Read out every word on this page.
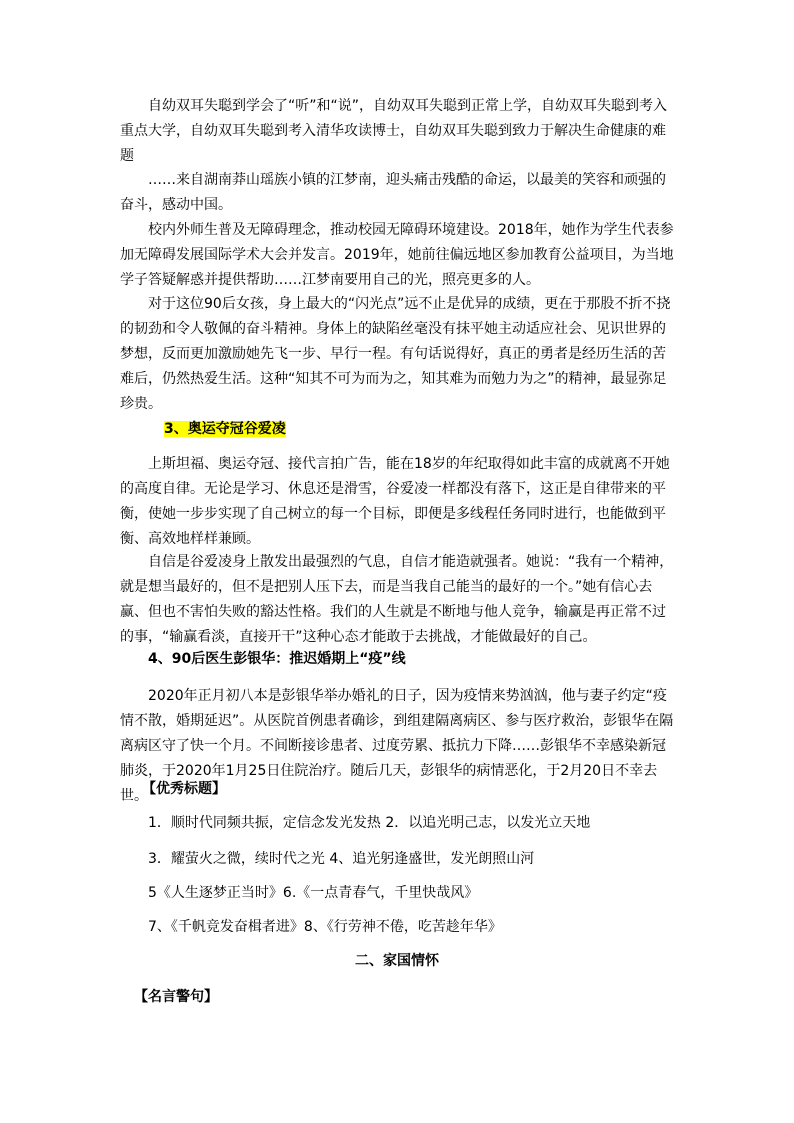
自幼双耳失聪到学会了“听”和“说”，自幼双耳失聪到正常上学，自幼双耳失聪到考入重点大学，自幼双耳失聪到考入清华攻读博士，自幼双耳失聪到致力于解决生命健康的难题

……来自湖南莽山瑶族小镇的江梦南，迎头痛击残酷的命运，以最美的笑容和顽强的奋斗，感动中国。

校内外师生普及无障碍理念，推动校园无障碍环境建设。2018年，她作为学生代表参加无障碍发展国际学术大会并发言。2019年，她前往偏远地区参加教育公益项目，为当地学子答疑解惑并提供帮助……江梦南要用自己的光，照亮更多的人。

对于这位90后女孩，身上最大的“闪光点”远不止是优异的成绩，更在于那股不折不挠的韧劲和令人敬佩的奋斗精神。身体上的缺陷丝毫没有抹平她主动适应社会、见识世界的梦想，反而更加激励她先飞一步、早行一程。有句话说得好，真正的勇者是经历生活的苦难后，仍然热爱生活。这种“知其不可为而为之，知其难为而勉力为之”的精神，最显弥足珍贵。

3、奥运夺冠谷爱凌

上斯坦福、奥运夺冠、接代言拍广告，能在18岁的年纪取得如此丰富的成就离不开她的高度自律。无论是学习、休息还是滑雪，谷爱凌一样都没有落下，这正是自律带来的平衡，使她一步步实现了自己树立的每一个目标，即便是多线程任务同时进行，也能做到平衡、高效地样样兼顾。

自信是谷爱凌身上散发出最强烈的气息，自信才能造就强者。她说：“我有一个精神，就是想当最好的，但不是把别人压下去，而是当我自己能当的最好的一个。”她有信心去赢、但也不害怕失败的豁达性格。我们的人生就是不断地与他人竞争，输赢是再正常不过的事，“输赢看淡，直接开干”这种心态才能敢于去挑战，才能做最好的自己。

4、90后医生彭银华：推迟婚期上“疫”线

2020年正月初八本是彭银华举办婚礼的日子，因为疫情来势汹汹，他与妻子约定“疫情不散，婚期延迟”。从医院首例患者确诊，到组建隔离病区、参与医疗救治，彭银华在隔离病区守了快一个月。不间断接诊患者、过度劳累、抵抗力下降……彭银华不幸感染新冠肺炎，于2020年1月25日住院治疗。随后几天，彭银华的病情恶化，于2月20日不幸去世。

【优秀标题】

1．顺时代同频共振，定信念发光发热 2．以追光明己志，以发光立天地

3．耀萤火之微，续时代之光 4、追光躬逢盛世，发光朗照山河

5《人生逐梦正当时》6.《一点青春气，千里快哉风》

7、《千帆竞发奋楫者进》8、《行劳神不倦，吃苦趁年华》

二、家国情怀

【名言警句】
